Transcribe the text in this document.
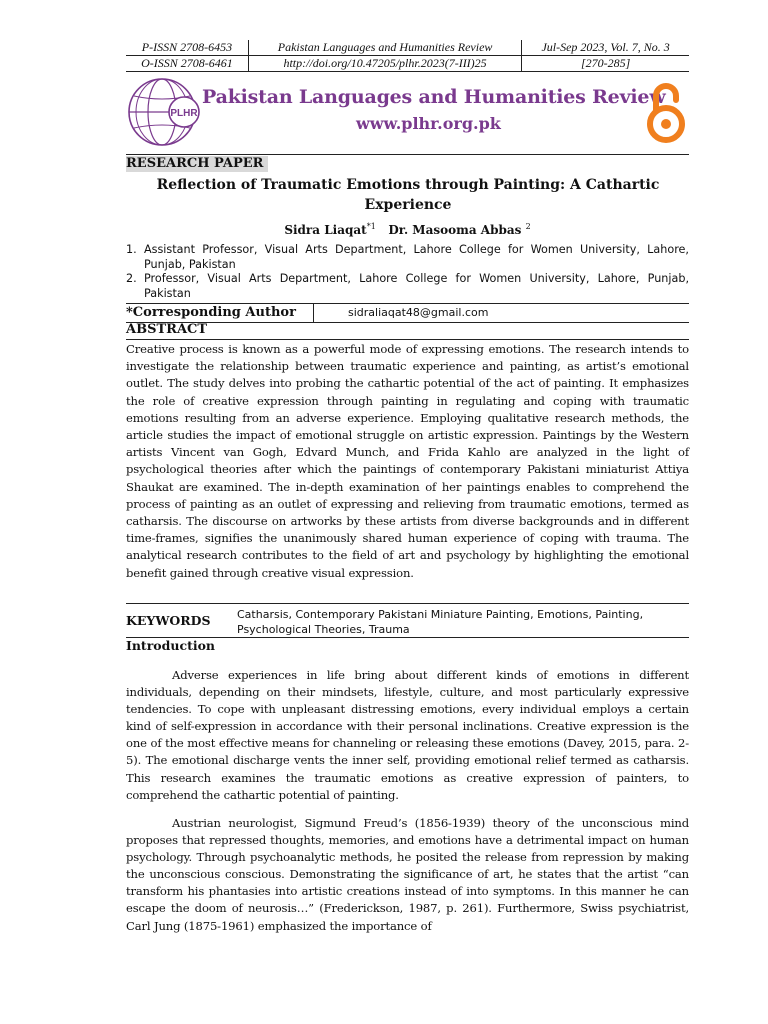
P-ISSN 2708-6453	Pakistan Languages and Humanities Review	Jul-Sep 2023, Vol. 7, No. 3
O-ISSN 2708-6461	http://doi.org/10.47205/plhr.2023(7-III)25	[270-285]
PLHR
Pakistan Languages and Humanities Review
www.plhr.org.pk
RESEARCH PAPER
Reflection of Traumatic Emotions through Painting: A Cathartic Experience
Sidra Liaqat$^{*1}$ Dr. Masooma Abbas $^2$
1. Assistant Professor, Visual Arts Department, Lahore College for Women University, Lahore, Punjab, Pakistan
2. Professor, Visual Arts Department, Lahore College for Women University, Lahore, Punjab, Pakistan
*Corresponding Author	sidraliaqat48@gmail.com
ABSTRACT
Creative process is known as a powerful mode of expressing emotions. The research intends to investigate the relationship between traumatic experience and painting, as artist’s emotional outlet. The study delves into probing the cathartic potential of the act of painting. It emphasizes the role of creative expression through painting in regulating and coping with traumatic emotions resulting from an adverse experience. Employing qualitative research methods, the article studies the impact of emotional struggle on artistic expression. Paintings by the Western artists Vincent van Gogh, Edvard Munch, and Frida Kahlo are analyzed in the light of psychological theories after which the paintings of contemporary Pakistani miniaturist Attiya Shaukat are examined. The in-depth examination of her paintings enables to comprehend the process of painting as an outlet of expressing and relieving from traumatic emotions, termed as catharsis. The discourse on artworks by these artists from diverse backgrounds and in different time-frames, signifies the unanimously shared human experience of coping with trauma. The analytical research contributes to the field of art and psychology by highlighting the emotional benefit gained through creative visual expression.
KEYWORDS Catharsis, Contemporary Pakistani Miniature Painting, Emotions, Painting, Psychological Theories, Trauma
Introduction
Adverse experiences in life bring about different kinds of emotions in different individuals, depending on their mindsets, lifestyle, culture, and most particularly expressive tendencies. To cope with unpleasant distressing emotions, every individual employs a certain kind of self-expression in accordance with their personal inclinations. Creative expression is the one of the most effective means for channeling or releasing these emotions (Davey, 2015, para. 2-5). The emotional discharge vents the inner self, providing emotional relief termed as catharsis. This research examines the traumatic emotions as creative expression of painters, to comprehend the cathartic potential of painting.
Austrian neurologist, Sigmund Freud’s (1856-1939) theory of the unconscious mind proposes that repressed thoughts, memories, and emotions have a detrimental impact on human psychology. Through psychoanalytic methods, he posited the release from repression by making the unconscious conscious. Demonstrating the significance of art, he states that the artist “can transform his phantasies into artistic creations instead of into symptoms. In this manner he can escape the doom of neurosis…” (Frederickson, 1987, p. 261). Furthermore, Swiss psychiatrist, Carl Jung (1875-1961) emphasized the importance of
